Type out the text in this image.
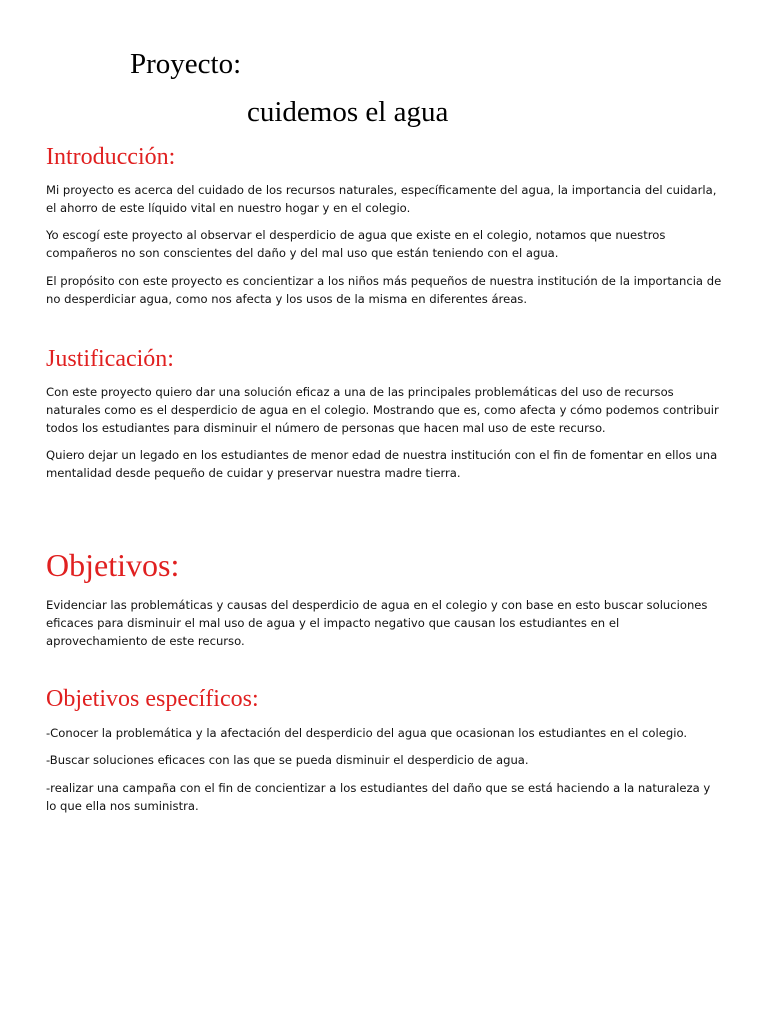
Proyecto:
cuidemos el agua
Introducción:

Mi proyecto es acerca del cuidado de los recursos naturales, específicamente del agua, la importancia del cuidarla, el ahorro de este líquido vital en nuestro hogar y en el colegio.

Yo escogí este proyecto al observar el desperdicio de agua que existe en el colegio, notamos que nuestros compañeros no son conscientes del daño y del mal uso que están teniendo con el agua.

El propósito con este proyecto es concientizar a los niños más pequeños de nuestra institución de la importancia de no desperdiciar agua, como nos afecta y los usos de la misma en diferentes áreas.

Justificación:

Con este proyecto quiero dar una solución eficaz a una de las principales problemáticas del uso de recursos naturales como es el desperdicio de agua en el colegio. Mostrando que es, como afecta y cómo podemos contribuir todos los estudiantes para disminuir el número de personas que hacen mal uso de este recurso.

Quiero dejar un legado en los estudiantes de menor edad de nuestra institución con el fin de fomentar en ellos una mentalidad desde pequeño de cuidar y preservar nuestra madre tierra.

Objetivos:

Evidenciar las problemáticas y causas del desperdicio de agua en el colegio y con base en esto buscar soluciones eficaces para disminuir el mal uso de agua y el impacto negativo que causan los estudiantes en el aprovechamiento de este recurso.

Objetivos específicos:

-Conocer la problemática y la afectación del desperdicio del agua que ocasionan los estudiantes en el colegio.

-Buscar soluciones eficaces con las que se pueda disminuir el desperdicio de agua.

-realizar una campaña con el fin de concientizar a los estudiantes del daño que se está haciendo a la naturaleza y lo que ella nos suministra.
